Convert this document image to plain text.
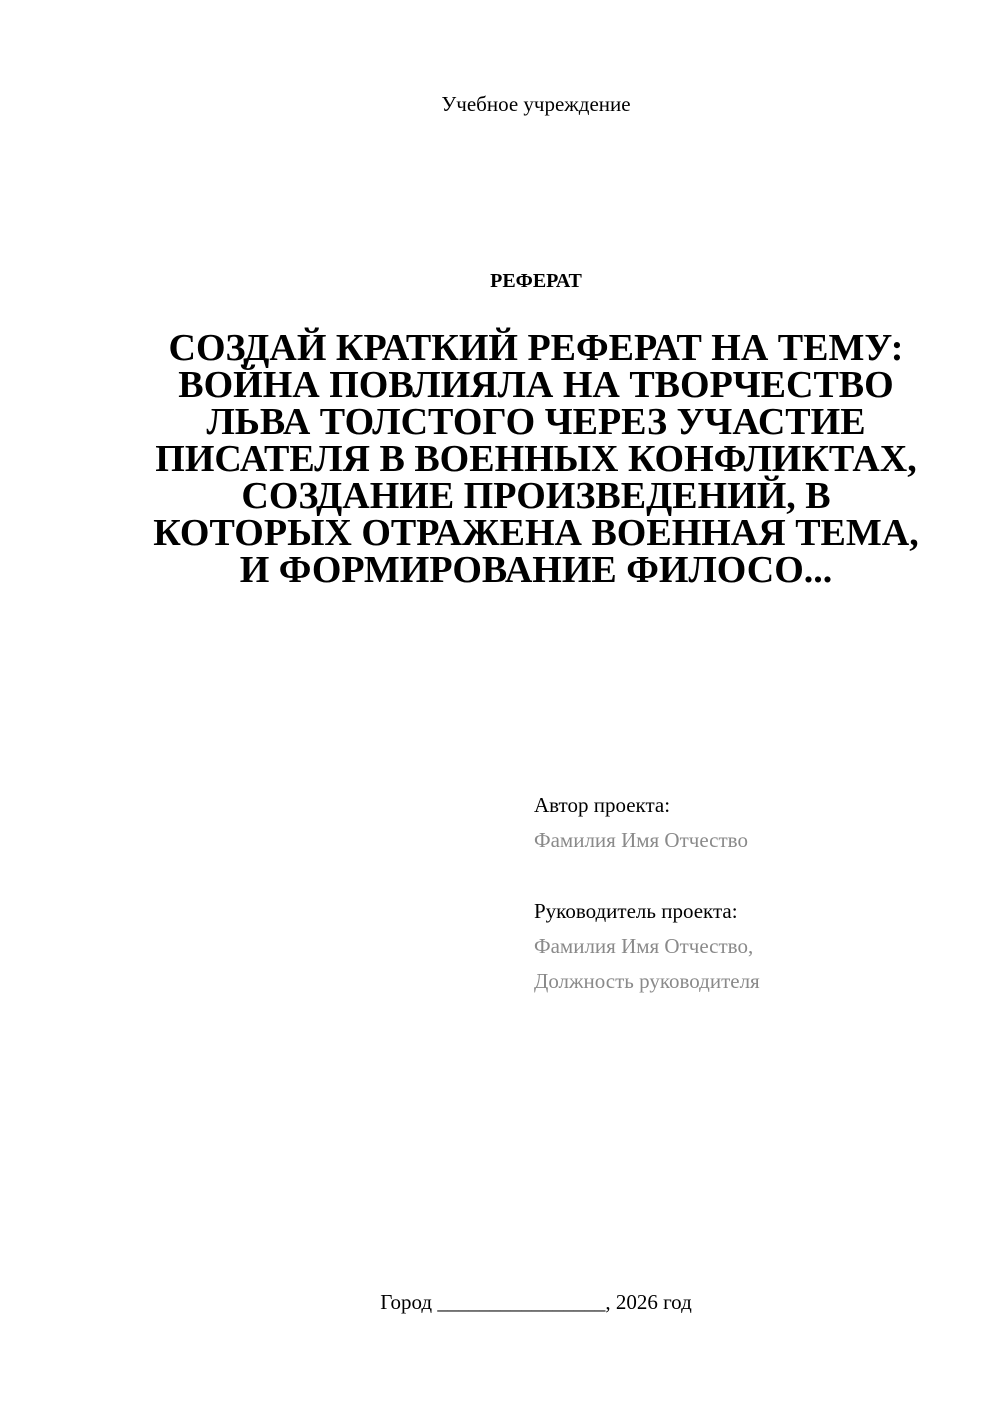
Учебное учреждение
РЕФЕРАТ
СОЗДАЙ КРАТКИЙ РЕФЕРАТ НА ТЕМУ: ВОЙНА ПОВЛИЯЛА НА ТВОРЧЕСТВО ЛЬВА ТОЛСТОГО ЧЕРЕЗ УЧАСТИЕ ПИСАТЕЛЯ В ВОЕННЫХ КОНФЛИКТАХ, СОЗДАНИЕ ПРОИЗВЕДЕНИЙ, В КОТОРЫХ ОТРАЖЕНА ВОЕННАЯ ТЕМА, И ФОРМИРОВАНИЕ ФИЛОСО...
Автор проекта:
Фамилия Имя Отчество
Руководитель проекта:
Фамилия Имя Отчество,
Должность руководителя
Город ________________, 2026 год
